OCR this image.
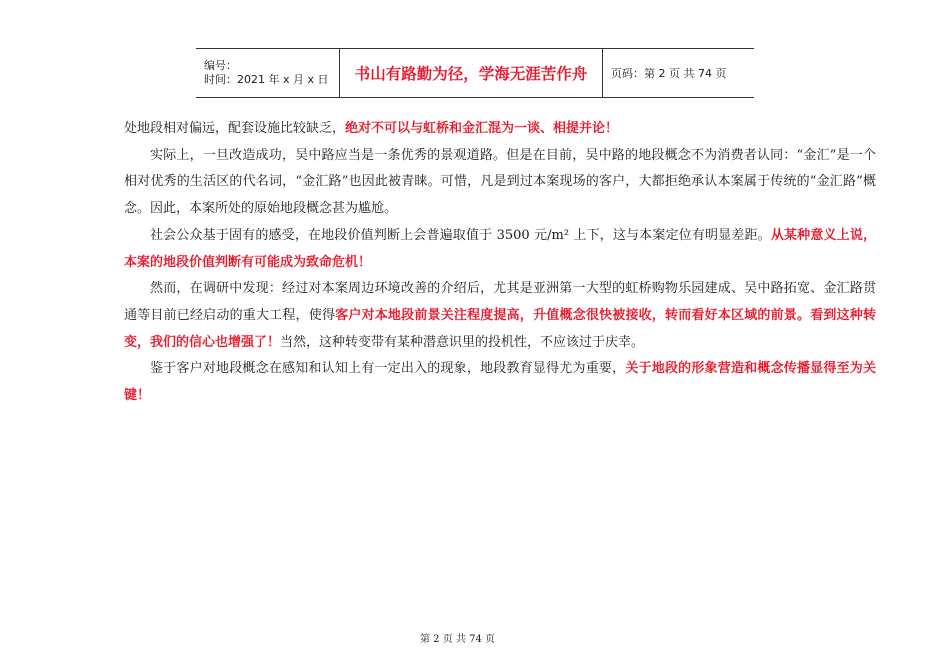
编号：
时间：2021 年 x 月 x 日	书山有路勤为径，学海无涯苦作舟 页码：第 2 页 共 74 页

处地段相对偏远，配套设施比较缺乏，绝对不可以与虹桥和金汇混为一谈、相提并论！

实际上，一旦改造成功，吴中路应当是一条优秀的景观道路。但是在目前，吴中路的地段概念不为消费者认同：“金汇”是一个相对优秀的生活区的代名词，“金汇路”也因此被青睐。可惜，凡是到过本案现场的客户，大都拒绝承认本案属于传统的“金汇路”概念。因此，本案所处的原始地段概念甚为尴尬。

社会公众基于固有的感受，在地段价值判断上会普遍取值于 3500 元/m² 上下，这与本案定位有明显差距。从某种意义上说，本案的地段价值判断有可能成为致命危机！

然而，在调研中发现：经过对本案周边环境改善的介绍后，尤其是亚洲第一大型的虹桥购物乐园建成、吴中路拓宽、金汇路贯通等目前已经启动的重大工程，使得客户对本地段前景关注程度提高，升值概念很快被接收，转而看好本区域的前景。看到这种转变，我们的信心也增强了！当然，这种转变带有某种潜意识里的投机性，不应该过于庆幸。

鉴于客户对地段概念在感知和认知上有一定出入的现象，地段教育显得尤为重要，关于地段的形象营造和概念传播显得至为关键！

第 2 页 共 74 页
